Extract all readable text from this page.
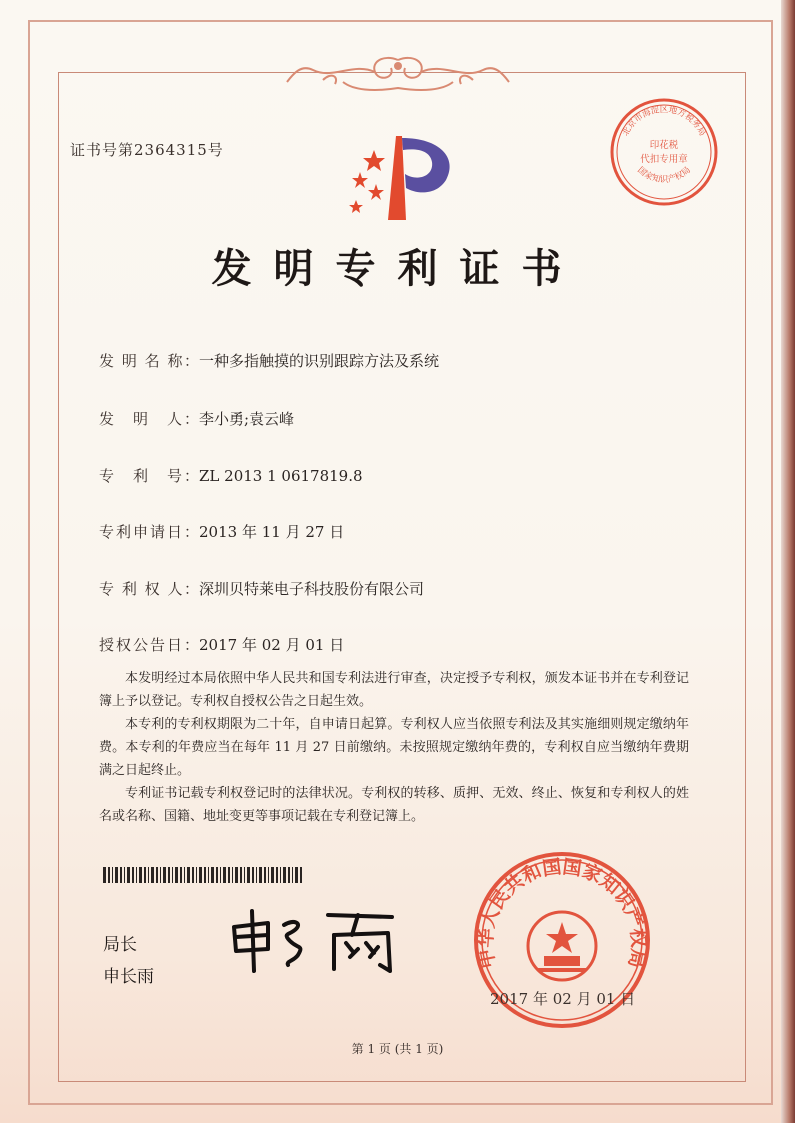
证书号第2364315号
北京市海淀区地方税务局
印花税
代扣专用章
国家知识产权局
发明专利证书
发 明 名 称：一种多指触摸的识别跟踪方法及系统
发　明　人：李小勇;袁云峰
专　利　号：ZL 2013 1 0617819.8
专利申请日：2013 年 11 月 27 日
专 利 权 人：深圳贝特莱电子科技股份有限公司
授权公告日：2017 年 02 月 01 日
本发明经过本局依照中华人民共和国专利法进行审查，决定授予专利权，颁发本证书并在专利登记簿上予以登记。专利权自授权公告之日起生效。
本专利的专利权期限为二十年，自申请日起算。专利权人应当依照专利法及其实施细则规定缴纳年费。本专利的年费应当在每年 11 月 27 日前缴纳。未按照规定缴纳年费的，专利权自应当缴纳年费期满之日起终止。
专利证书记载专利权登记时的法律状况。专利权的转移、质押、无效、终止、恢复和专利权人的姓名或名称、国籍、地址变更等事项记载在专利登记簿上。
局长
申长雨
中华人民共和国国家知识产权局
2017 年 02 月 01 日
第 1 页 (共 1 页)
